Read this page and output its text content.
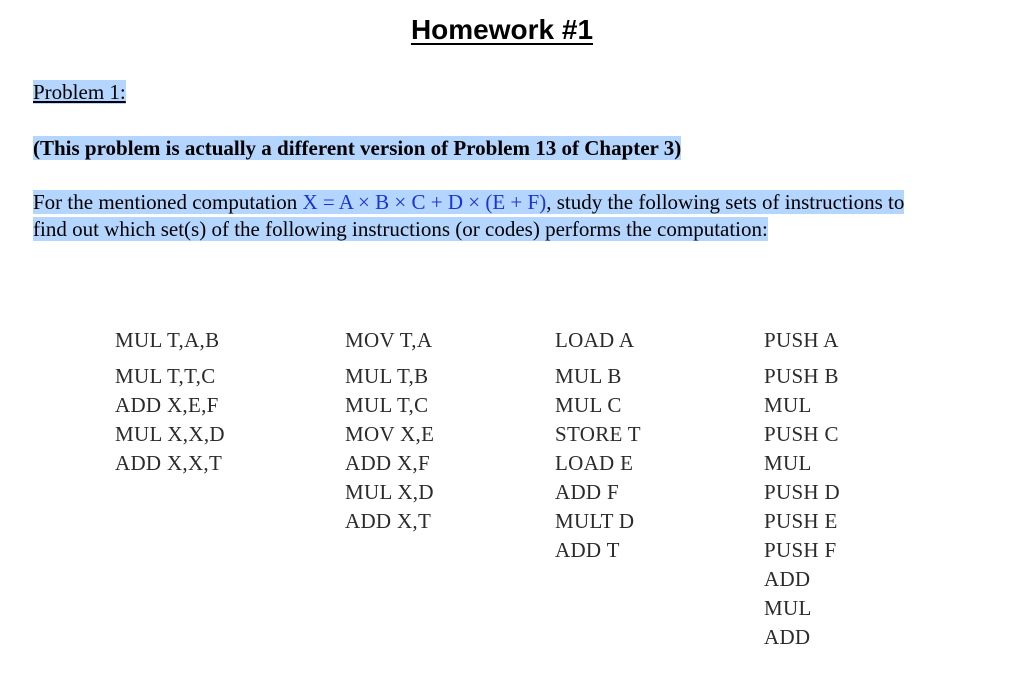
Homework #1
Problem 1:
(This problem is actually a different version of Problem 13 of Chapter 3)
For the mentioned computation X = A × B × C + D × (E + F), study the following sets of instructions to find out which set(s) of the following instructions (or codes) performs the computation:
MUL T,A,B
MUL T,T,C
ADD X,E,F
MUL X,X,D
ADD X,X,T
MOV T,A
MUL T,B
MUL T,C
MOV X,E
ADD X,F
MUL X,D
ADD X,T
LOAD A
MUL B
MUL C
STORE T
LOAD E
ADD F
MULT D
ADD T
PUSH A
PUSH B
MUL
PUSH C
MUL
PUSH D
PUSH E
PUSH F
ADD
MUL
ADD
